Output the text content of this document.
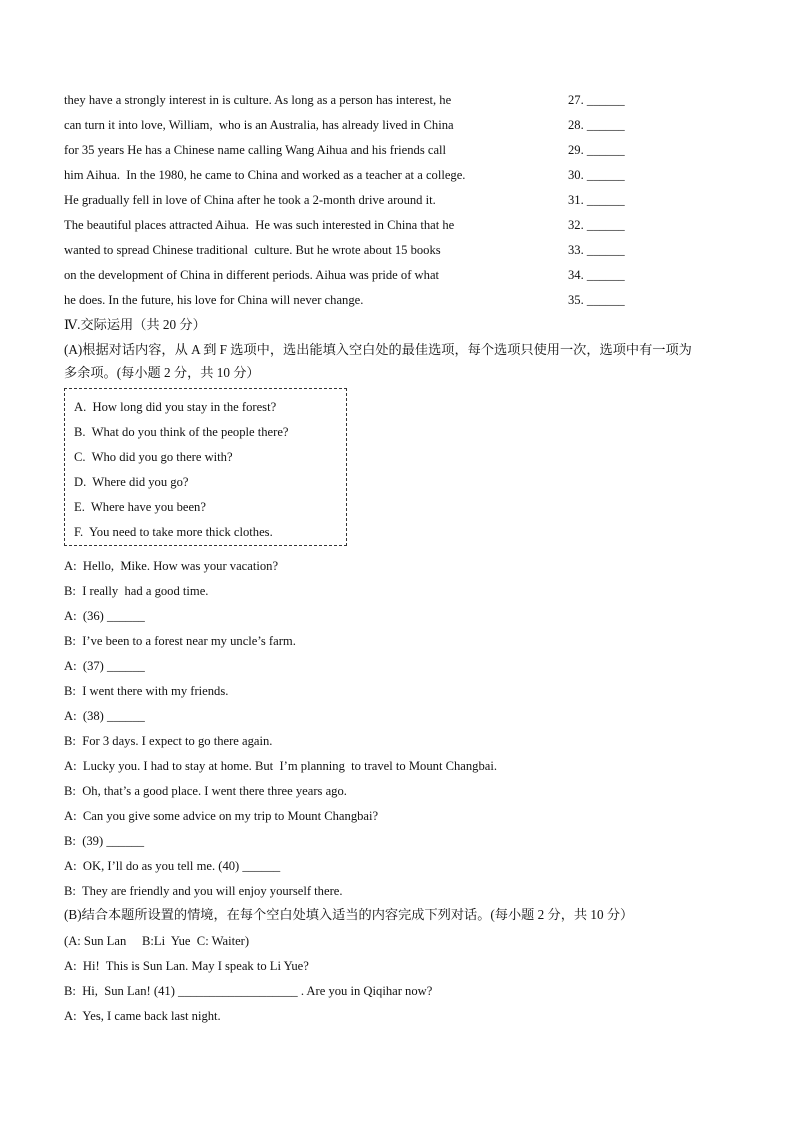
they have a strongly interest in is culture. As long as a person has interest, he
can turn it into love, William,  who is an Australia, has already lived in China
for 35 years He has a Chinese name calling Wang Aihua and his friends call
him Aihua.  In the 1980, he came to China and worked as a teacher at a college.
He gradually fell in love of China after he took a 2-month drive around it.
The beautiful places attracted Aihua.  He was such interested in China that he
wanted to spread Chinese traditional  culture. But he wrote about 15 books
on the development of China in different periods. Aihua was pride of what
he does. In the future, his love for China will never change.
27. ______
28. ______
29. ______
30. ______
31. ______
32. ______
33. ______
34. ______
35. ______
Ⅳ.交际运用（共 20 分）
(A)根据对话内容，从 A 到 F 选项中，选出能填入空白处的最佳选项，每个选项只使用一次，选项中有一项为
多余项。(每小题 2 分，共 10 分）
A.  How long did you stay in the forest?
B.  What do you think of the people there?
C.  Who did you go there with?
D.  Where did you go?
E.  Where have you been?
F.  You need to take more thick clothes.
A:  Hello,  Mike. How was your vacation?
B:  I really  had a good time.
A:  (36) ______
B:  I’ve been to a forest near my uncle’s farm.
A:  (37) ______
B:  I went there with my friends.
A:  (38) ______
B:  For 3 days. I expect to go there again.
A:  Lucky you. I had to stay at home. But  I’m planning  to travel to Mount Changbai.
B:  Oh, that’s a good place. I went there three years ago.
A:  Can you give some advice on my trip to Mount Changbai?
B:  (39) ______
A:  OK, I’ll do as you tell me. (40) ______
B:  They are friendly and you will enjoy yourself there.
(B)结合本题所设置的情境，在每个空白处填入适当的内容完成下列对话。(每小题 2 分，共 10 分）
(A: Sun Lan     B:Li  Yue  C: Waiter)
A:  Hi!  This is Sun Lan. May I speak to Li Yue?
B:  Hi,  Sun Lan! (41) ___________________ . Are you in Qiqihar now?
A:  Yes, I came back last night.
